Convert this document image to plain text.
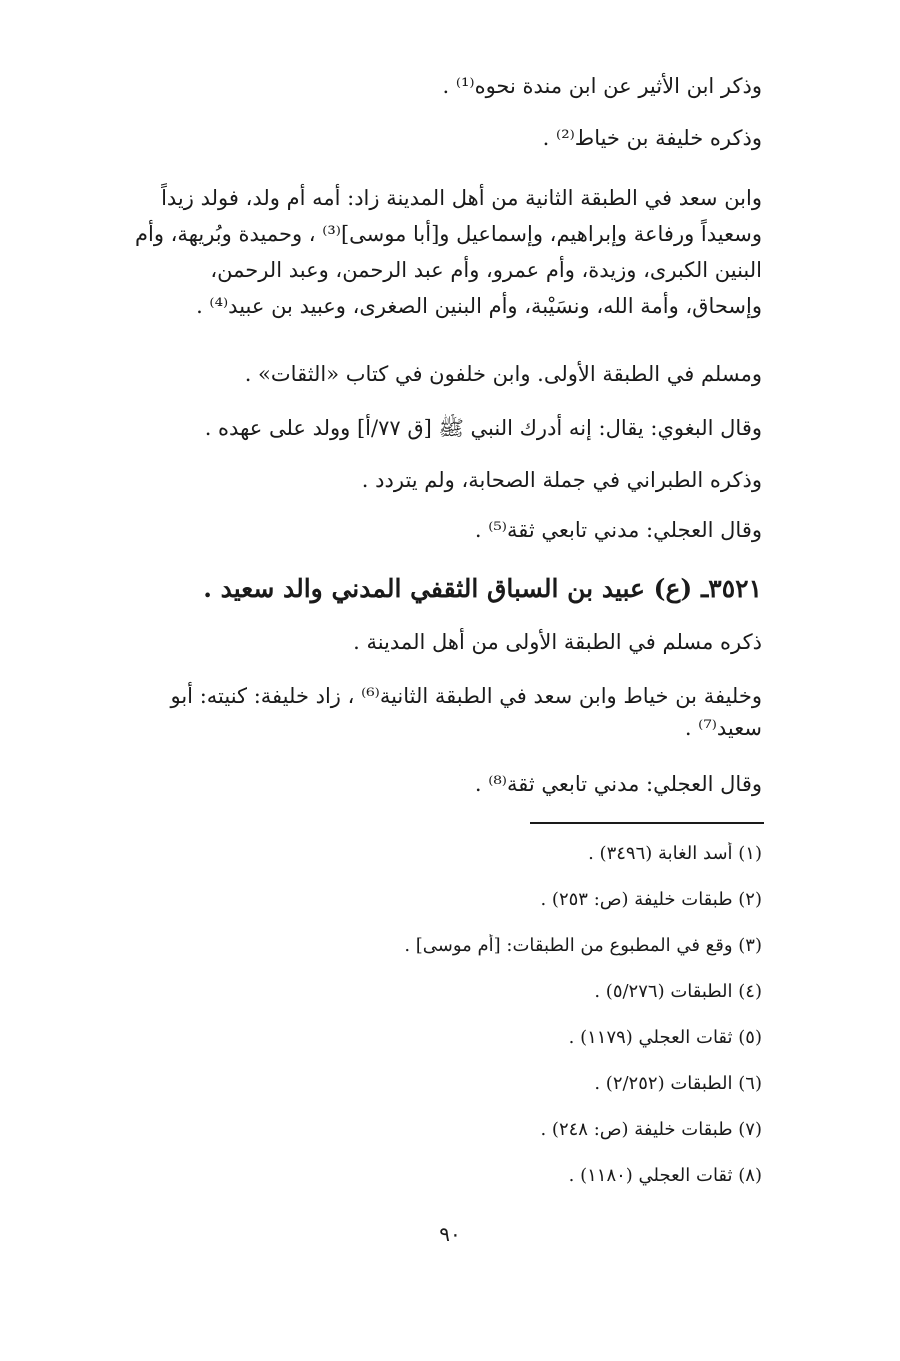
وذكر ابن الأثير عن ابن مندة نحوه⁽¹⁾ .
وذكره خليفة بن خياط⁽²⁾ .
وابن سعد في الطبقة الثانية من أهل المدينة زاد: أمه أم ولد، فولد زيداً
وسعيداً ورفاعة وإبراهيم، وإسماعيل و[أبا موسى]⁽³⁾ ، وحميدة وبُريهة، وأم
البنين الكبرى، وزيدة، وأم عمرو، وأم عبد الرحمن، وعبد الرحمن،
وإسحاق، وأمة الله، ونسَيْبة، وأم البنين الصغرى، وعبيد بن عبيد⁽⁴⁾ .
ومسلم في الطبقة الأولى. وابن خلفون في كتاب «الثقات» .
وقال البغوي: يقال: إنه أدرك النبي ﷺ [ق ٧٧/أ] وولد على عهده .
وذكره الطبراني في جملة الصحابة، ولم يتردد .
وقال العجلي: مدني تابعي ثقة⁽⁵⁾ .
٣٥٢١ـ (ع) عبيد بن السباق الثقفي المدني والد سعيد .
ذكره مسلم في الطبقة الأولى من أهل المدينة .
وخليفة بن خياط وابن سعد في الطبقة الثانية⁽⁶⁾ ، زاد خليفة: كنيته: أبو
سعيد⁽⁷⁾ .
وقال العجلي: مدني تابعي ثقة⁽⁸⁾ .
(١) أسد الغابة (٣٤٩٦) .
(٢) طبقات خليفة (ص: ٢٥٣) .
(٣) وقع في المطبوع من الطبقات: [أم موسى] .
(٤) الطبقات (٥/٢٧٦) .
(٥) ثقات العجلي (١١٧٩) .
(٦) الطبقات (٢/٢٥٢) .
(٧) طبقات خليفة (ص: ٢٤٨) .
(٨) ثقات العجلي (١١٨٠) .
٩٠
